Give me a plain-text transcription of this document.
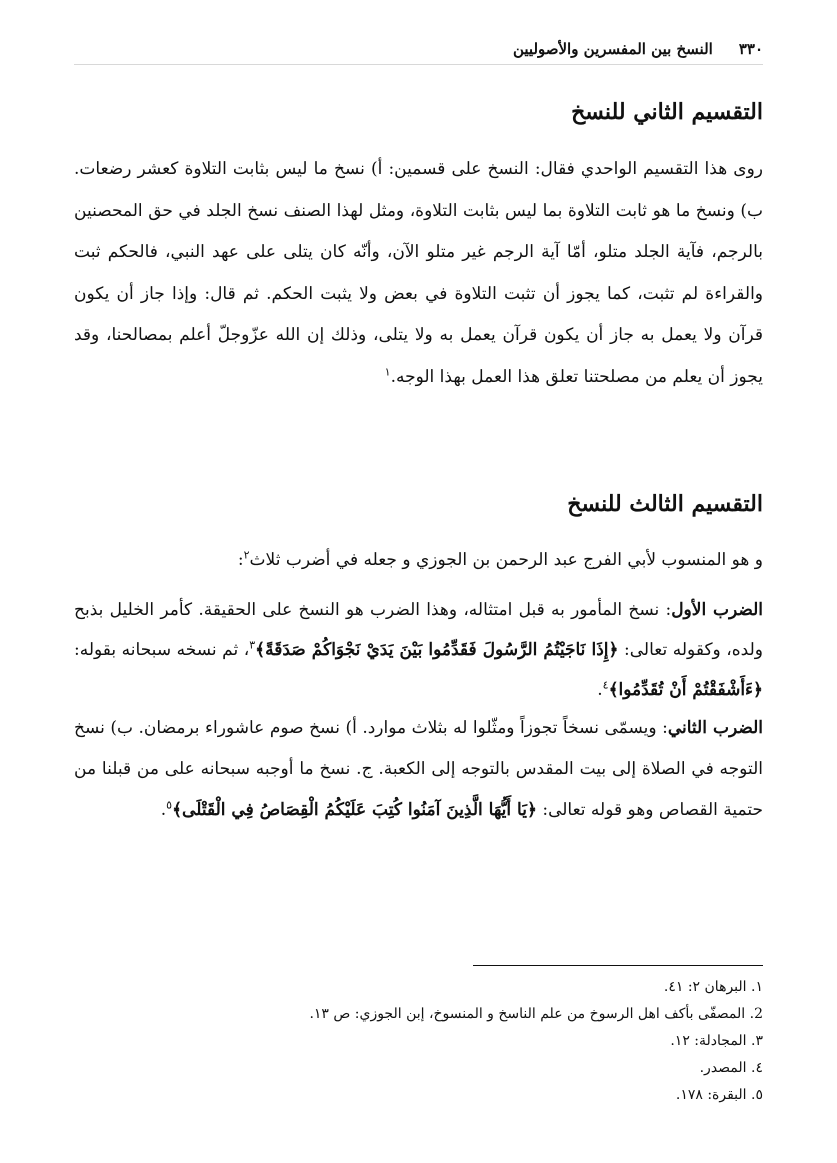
٣٣٠
النسخ بين المفسرين والأصوليين
التقسيم الثاني للنسخ

روى هذا التقسيم الواحدي فقال: النسخ على قسمين: أ) نسخ ما ليس بثابت التلاوة كعشر رضعات. ب) ونسخ ما هو ثابت التلاوة بما ليس بثابت التلاوة، ومثل لهذا الصنف نسخ الجلد في حق المحصنين بالرجم، فآية الجلد متلو، أمّا آية الرجم غير متلو الآن، وأنّه كان يتلى على عهد النبي، فالحكم ثبت والقراءة لم تثبت، كما يجوز أن تثبت التلاوة في بعض ولا يثبت الحكم. ثم قال: وإذا جاز أن يكون قرآن ولا يعمل به جاز أن يكون قرآن يعمل به ولا يتلى، وذلك إن الله عزّوجلّ أعلم بمصالحنا، وقد يجوز أن يعلم من مصلحتنا تعلق هذا العمل بهذا الوجه.$^١$

التقسيم الثالث للنسخ

و هو المنسوب لأبي الفرج عبد الرحمن بن الجوزي و جعله في أضرب ثلاث$^٢$:

الضرب الأول: نسخ المأمور به قبل امتثاله، وهذا الضرب هو النسخ على الحقيقة. كأمر الخليل بذبح ولده، وكقوله تعالى: ﴿إِذَا نَاجَيْتُمُ الرَّسُولَ فَقَدِّمُوا بَيْنَ يَدَيْ نَجْوَاكُمْ صَدَقَةً﴾$^٣$، ثم نسخه سبحانه بقوله: ﴿ءَأَشْفَقْتُمْ أَنْ تُقَدِّمُوا﴾$^٤$.

الضرب الثاني: ويسمّى نسخاً تجوزاً ومثّلوا له بثلاث موارد. أ) نسخ صوم عاشوراء برمضان. ب) نسخ التوجه في الصلاة إلى بيت المقدس بالتوجه إلى الكعبة. ج. نسخ ما أوجبه سبحانه على من قبلنا من حتمية القصاص وهو قوله تعالى: ﴿يَا أَيُّهَا الَّذِينَ آمَنُوا كُتِبَ عَلَيْكُمُ الْقِصَاصُ فِي الْقَتْلَى﴾$^٥$.

١. البرهان ٢: ٤١.
2. المصفّى بأكف اهل الرسوخ من علم الناسخ و المنسوخ، إبن الجوزي: ص ١٣.
٣. المجادلة: ١٢.
٤. المصدر.
٥. البقرة: ١٧٨.
